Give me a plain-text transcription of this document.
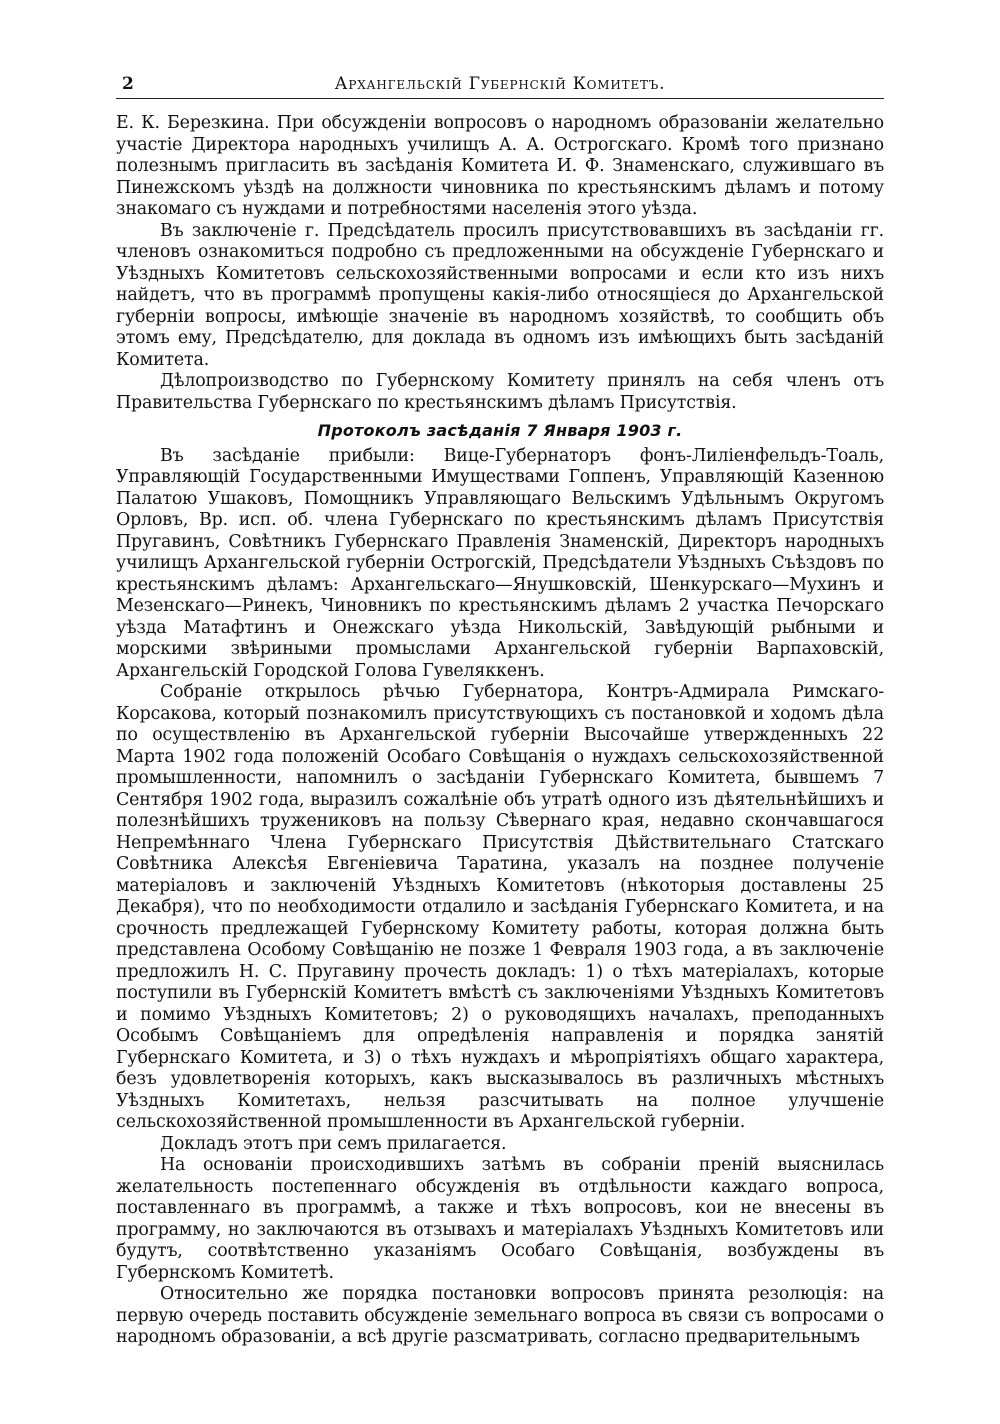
2	Архангельскій Губернскій Комитетъ.

Е. К. Березкина. При обсужденіи вопросовъ о народномъ образованіи желательно участіе Директора народныхъ училищъ А. А. Острогскаго. Кромѣ того признано полезнымъ пригласить въ засѣданія Комитета И. Ф. Знаменскаго, служившаго въ Пинежскомъ уѣздѣ на должности чиновника по крестьянскимъ дѣламъ и потому знакомаго съ нуждами и потребностями населенія этого уѣзда.

Въ заключеніе г. Предсѣдатель просилъ присутствовавшихъ въ засѣданіи гг. членовъ ознакомиться подробно съ предложенными на обсужденіе Губернскаго и Уѣздныхъ Комитетовъ сельскохозяйственными вопросами и если кто изъ нихъ найдетъ, что въ программѣ пропущены какія-либо относящіеся до Архангельской губерніи вопросы, имѣющіе значеніе въ народномъ хозяйствѣ, то сообщить объ этомъ ему, Предсѣдателю, для доклада въ одномъ изъ имѣющихъ быть засѣданій Комитета.

Дѣлопроизводство по Губернскому Комитету принялъ на себя членъ отъ Правительства Губернскаго по крестьянскимъ дѣламъ Присутствія.

Протоколъ засѣданія 7 Января 1903 г.

Въ засѣданіе прибыли: Вице-Губернаторъ фонъ-Лиліенфельдъ-Тоаль, Управляющій Государственными Имуществами Гоппенъ, Управляющій Казенною Палатою Ушаковъ, Помощникъ Управляющаго Вельскимъ Удѣльнымъ Округомъ Орловъ, Вр. исп. об. члена Губернскаго по крестьянскимъ дѣламъ Присутствія Пругавинъ, Совѣтникъ Губернскаго Правленія Знаменскій, Директоръ народныхъ училищъ Архангельской губерніи Острогскій, Предсѣдатели Уѣздныхъ Съѣздовъ по крестьянскимъ дѣламъ: Архангельскаго—Янушковскій, Шенкурскаго—Мухинъ и Мезенскаго—Ринекъ, Чиновникъ по крестьянскимъ дѣламъ 2 участка Печорскаго уѣзда Матафтинъ и Онежскаго уѣзда Никольскій, Завѣдующій рыбными и морскими звѣриными промыслами Архангельской губерніи Варпаховскій, Архангельскій Городской Голова Гувеляккенъ.

Собраніе открылось рѣчью Губернатора, Контръ-Адмирала Римскаго-Корсакова, который познакомилъ присутствующихъ съ постановкой и ходомъ дѣла по осуществленію въ Архангельской губерніи Высочайше утвержденныхъ 22 Марта 1902 года положеній Особаго Совѣщанія о нуждахъ сельскохозяйственной промышленности, напомнилъ о засѣданіи Губернскаго Комитета, бывшемъ 7 Сентября 1902 года, выразилъ сожалѣніе объ утратѣ одного изъ дѣятельнѣйшихъ и полезнѣйшихъ тружениковъ на пользу Сѣвернаго края, недавно скончавшагося Непремѣннаго Члена Губернскаго Присутствія Дѣйствительнаго Статскаго Совѣтника Алексѣя Евгеніевича Таратина, указалъ на позднее полученіе матеріаловъ и заключеній Уѣздныхъ Комитетовъ (нѣкоторыя доставлены 25 Декабря), что по необходимости отдалило и засѣданія Губернскаго Комитета, и на срочность предлежащей Губернскому Комитету работы, которая должна быть представлена Особому Совѣщанію не позже 1 Февраля 1903 года, а въ заключеніе предложилъ Н. С. Пругавину прочесть докладъ: 1) о тѣхъ матеріалахъ, которые поступили въ Губернскій Комитетъ вмѣстѣ съ заключеніями Уѣздныхъ Комитетовъ и помимо Уѣздныхъ Комитетовъ; 2) о руководящихъ началахъ, преподанныхъ Особымъ Совѣщаніемъ для опредѣленія направленія и порядка занятій Губернскаго Комитета, и 3) о тѣхъ нуждахъ и мѣропріятіяхъ общаго характера, безъ удовлетворенія которыхъ, какъ высказывалось въ различныхъ мѣстныхъ Уѣздныхъ Комитетахъ, нельзя разсчитывать на полное улучшеніе сельскохозяйственной промышленности въ Архангельской губерніи.

Докладъ этотъ при семъ прилагается.

На основаніи происходившихъ затѣмъ въ собраніи преній выяснилась желательность постепеннаго обсужденія въ отдѣльности каждаго вопроса, поставленнаго въ программѣ, а также и тѣхъ вопросовъ, кои не внесены въ программу, но заключаются въ отзывахъ и матеріалахъ Уѣздныхъ Комитетовъ или будутъ, соотвѣтственно указаніямъ Особаго Совѣщанія, возбуждены въ Губернскомъ Комитетѣ.

Относительно же порядка постановки вопросовъ принята резолюція: на первую очередь поставить обсужденіе земельнаго вопроса въ связи съ вопросами о народномъ образованіи, а всѣ другіе разсматривать, согласно предварительнымъ
